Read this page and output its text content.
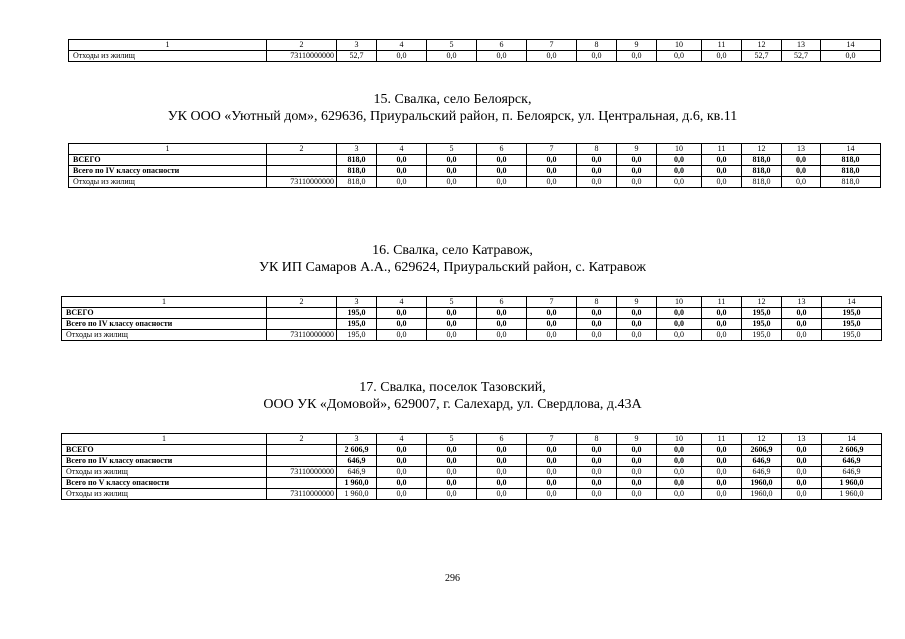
1	2	3	4	5	6	7	8	9	10	11	12	13	14
Отходы из жилищ	73110000000	52,7	0,0	0,0	0,0	0,0	0,0	0,0	0,0	0,0	52,7	52,7	0,0
15. Свалка, село Белоярск,
УК ООО «Уютный дом», 629636, Приуральский район, п. Белоярск, ул. Центральная, д.6, кв.11
1	2	3	4	5	6	7	8	9	10	11	12	13	14
ВСЕГО		818,0	0,0	0,0	0,0	0,0	0,0	0,0	0,0	0,0	818,0	0,0	818,0
Всего по IV классу опасности		818,0	0,0	0,0	0,0	0,0	0,0	0,0	0,0	0,0	818,0	0,0	818,0
Отходы из жилищ	73110000000	818,0	0,0	0,0	0,0	0,0	0,0	0,0	0,0	0,0	818,0	0,0	818,0
16. Свалка, село Катравож,
УК ИП Самаров А.А., 629624, Приуральский район, с. Катравож
1	2	3	4	5	6	7	8	9	10	11	12	13	14
ВСЕГО		195,0	0,0	0,0	0,0	0,0	0,0	0,0	0,0	0,0	195,0	0,0	195,0
Всего по IV классу опасности		195,0	0,0	0,0	0,0	0,0	0,0	0,0	0,0	0,0	195,0	0,0	195,0
Отходы из жилищ	73110000000	195,0	0,0	0,0	0,0	0,0	0,0	0,0	0,0	0,0	195,0	0,0	195,0
17. Свалка, поселок Тазовский,
ООО УК «Домовой», 629007, г. Салехард, ул. Свердлова, д.43А
1	2	3	4	5	6	7	8	9	10	11	12	13	14
ВСЕГО		2 606,9	0,0	0,0	0,0	0,0	0,0	0,0	0,0	0,0	2606,9	0,0	2 606,9
Всего по IV классу опасности		646,9	0,0	0,0	0,0	0,0	0,0	0,0	0,0	0,0	646,9	0,0	646,9
Отходы из жилищ	73110000000	646,9	0,0	0,0	0,0	0,0	0,0	0,0	0,0	0,0	646,9	0,0	646,9
Всего по V классу опасности		1 960,0	0,0	0,0	0,0	0,0	0,0	0,0	0,0	0,0	1960,0	0,0	1 960,0
Отходы из жилищ	73110000000	1 960,0	0,0	0,0	0,0	0,0	0,0	0,0	0,0	0,0	1960,0	0,0	1 960,0
296
